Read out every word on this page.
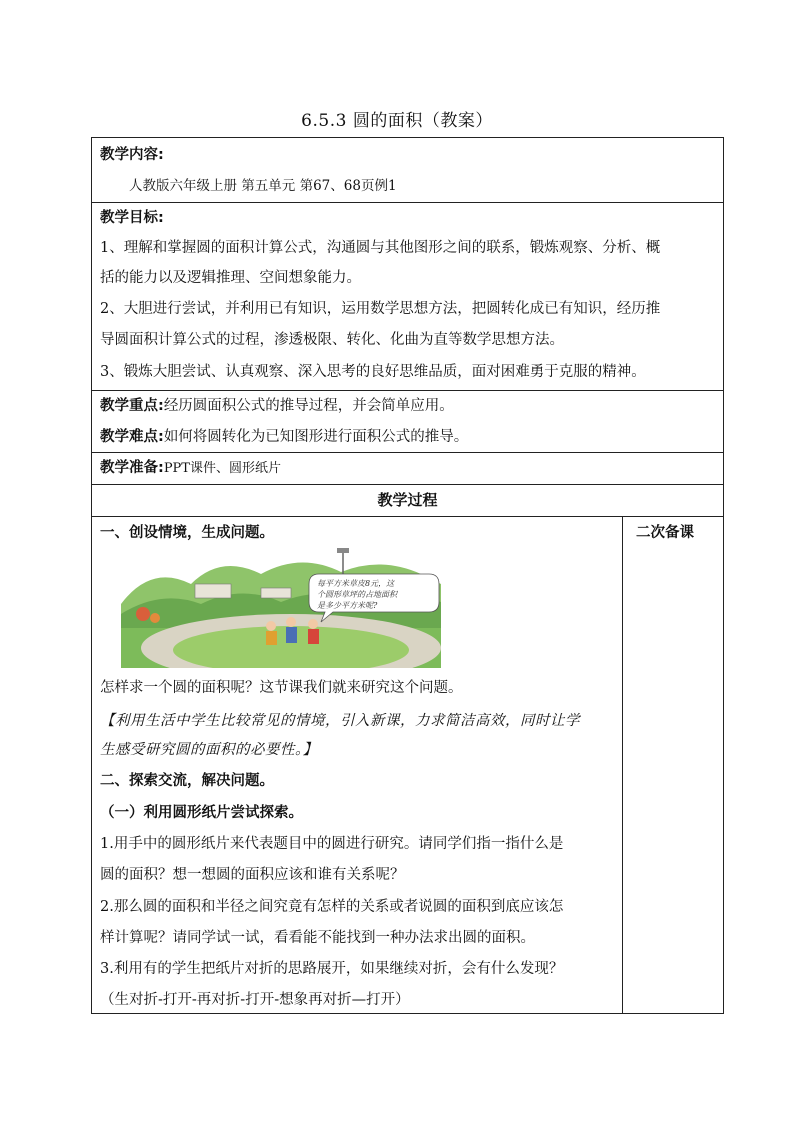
6.5.3 圆的面积（教案）
教学内容:
人教版六年级上册 第五单元 第67、68页例1
教学目标:
1、理解和掌握圆的面积计算公式，沟通圆与其他图形之间的联系，锻炼观察、分析、概
括的能力以及逻辑推理、空间想象能力。
2、大胆进行尝试，并利用已有知识，运用数学思想方法，把圆转化成已有知识，经历推
导圆面积计算公式的过程，渗透极限、转化、化曲为直等数学思想方法。
3、锻炼大胆尝试、认真观察、深入思考的良好思维品质，面对困难勇于克服的精神。
教学重点:经历圆面积公式的推导过程，并会简单应用。
教学难点:如何将圆转化为已知图形进行面积公式的推导。
教学准备:PPT课件、圆形纸片
教学过程
二次备课
一、创设情境，生成问题。
每平方米草皮8元，这
个圆形草坪的占地面积
是多少平方米呢?
怎样求一个圆的面积呢？这节课我们就来研究这个问题。
【利用生活中学生比较常见的情境，引入新课，力求简洁高效，同时让学
生感受研究圆的面积的必要性。】
二、探索交流，解决问题。
（一）利用圆形纸片尝试探索。
1.用手中的圆形纸片来代表题目中的圆进行研究。请同学们指一指什么是
圆的面积？想一想圆的面积应该和谁有关系呢？
2.那么圆的面积和半径之间究竟有怎样的关系或者说圆的面积到底应该怎
样计算呢？请同学试一试，看看能不能找到一种办法求出圆的面积。
3.利用有的学生把纸片对折的思路展开，如果继续对折，会有什么发现？
（生对折-打开-再对折-打开-想象再对折—打开）
